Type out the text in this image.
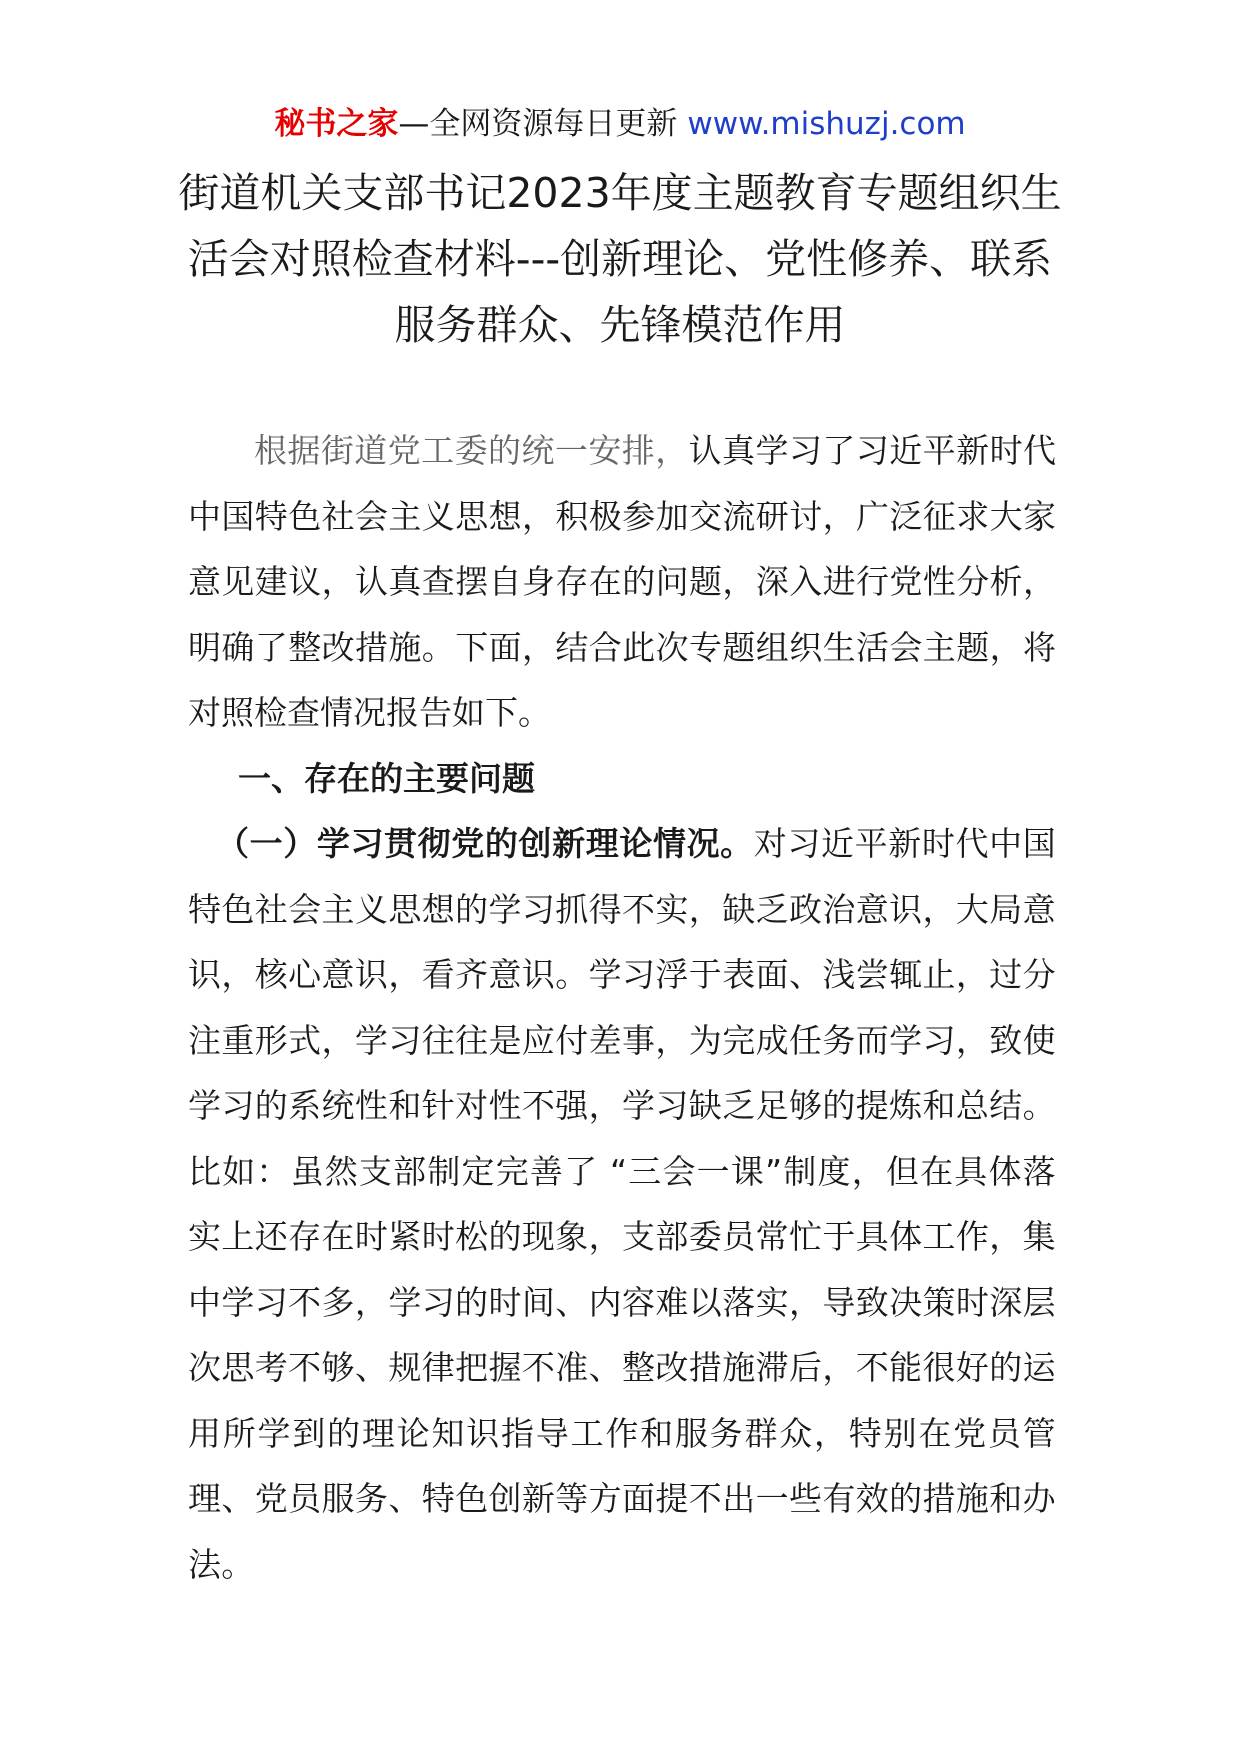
秘书之家—全网资源每日更新 www.mishuzj.com
街道机关支部书记2023年度主题教育专题组织生活会对照检查材料---创新理论、党性修养、联系服务群众、先锋模范作用

根据街道党工委的统一安排，认真学习了习近平新时代中国特色社会主义思想，积极参加交流研讨，广泛征求大家意见建议，认真查摆自身存在的问题，深入进行党性分析，明确了整改措施。下面，结合此次专题组织生活会主题，将对照检查情况报告如下。

一、存在的主要问题

（一）学习贯彻党的创新理论情况。对习近平新时代中国特色社会主义思想的学习抓得不实，缺乏政治意识，大局意识，核心意识，看齐意识。学习浮于表面、浅尝辄止，过分注重形式，学习往往是应付差事，为完成任务而学习，致使学习的系统性和针对性不强，学习缺乏足够的提炼和总结。比如：虽然支部制定完善了 “三会一课”制度，但在具体落实上还存在时紧时松的现象，支部委员常忙于具体工作，集中学习不多，学习的时间、内容难以落实，导致决策时深层次思考不够、规律把握不准、整改措施滞后，不能很好的运用所学到的理论知识指导工作和服务群众，特别在党员管理、党员服务、特色创新等方面提不出一些有效的措施和办法。
